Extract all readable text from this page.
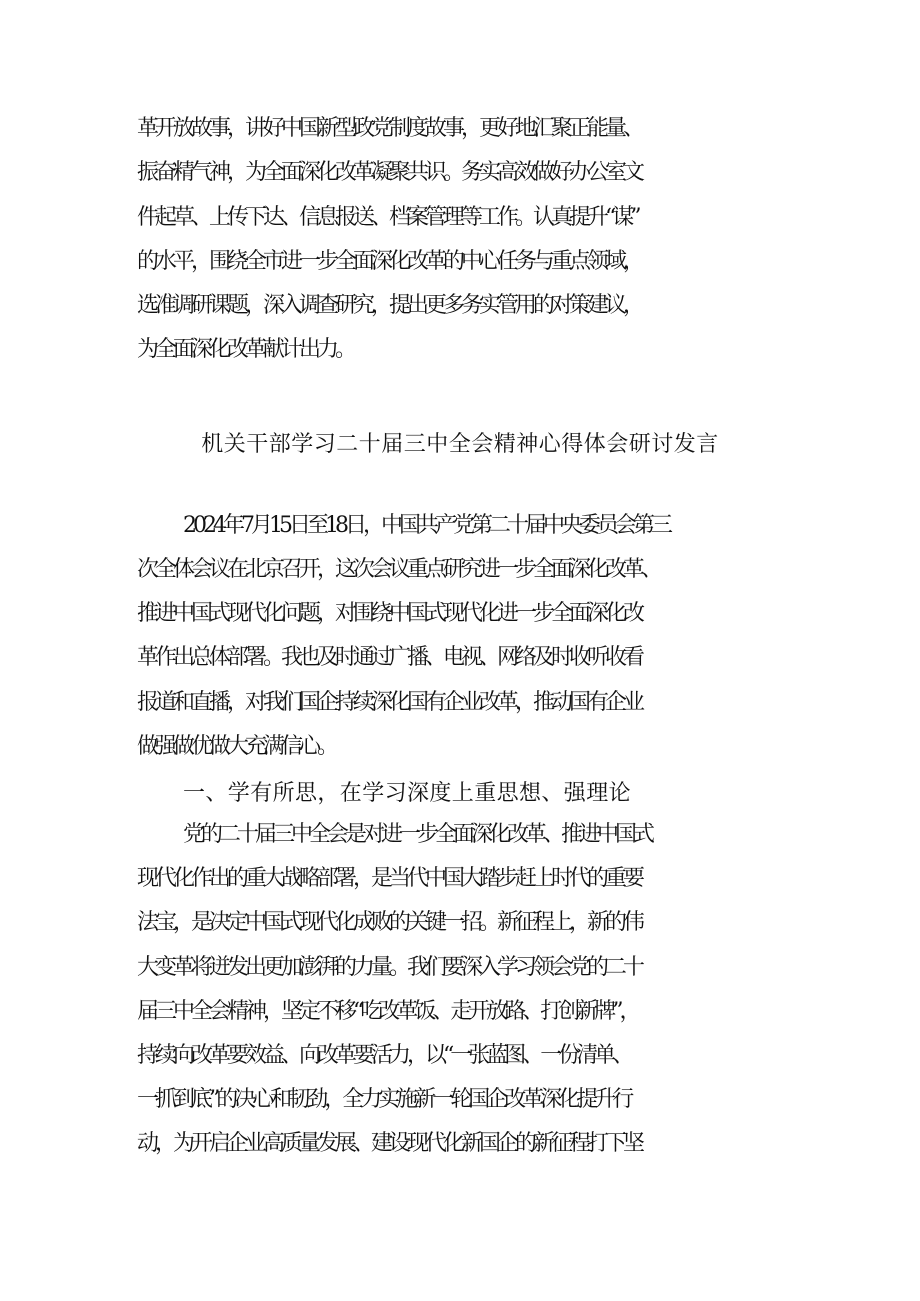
革开放故事，讲好中国新型政党制度故事，更好地汇聚正能量、
振奋精气神，为全面深化改革凝聚共识。务实高效做好办公室文
件起草、上传下达、信息报送、档案管理等工作。认真提升“谋”
的水平，围绕全市进一步全面深化改革的中心任务与重点领域，
选准调研课题，深入调查研究，提出更多务实管用的对策建议，
为全面深化改革献计出力。
机关干部学习二十届三中全会精神心得体会研讨发言
2024年7月15日至18日，中国共产党第二十届中央委员会第三
次全体会议在北京召开，这次会议重点研究进一步全面深化改革、
推进中国式现代化问题，对围绕中国式现代化进一步全面深化改
革作出总体部署。我也及时通过广播、电视、网络及时收听收看
报道和直播，对我们国企持续深化国有企业改革，推动国有企业
做强做优做大充满信心。
一、学有所思，在学习深度上重思想、强理论
党的二十届三中全会是对进一步全面深化改革、推进中国式
现代化作出的重大战略部署，是当代中国大踏步赶上时代的重要
法宝，是决定中国式现代化成败的关键一招。新征程上，新的伟
大变革将迸发出更加澎湃的力量。我们要深入学习领会党的二十
届三中全会精神，坚定不移“吃改革饭、走开放路、打创新牌”，
持续向改革要效益、向改革要活力，以“一张蓝图、一份清单、
一抓到底”的决心和韧劲，全力实施新一轮国企改革深化提升行
动，为开启企业高质量发展、建设现代化新国企的新征程打下坚
